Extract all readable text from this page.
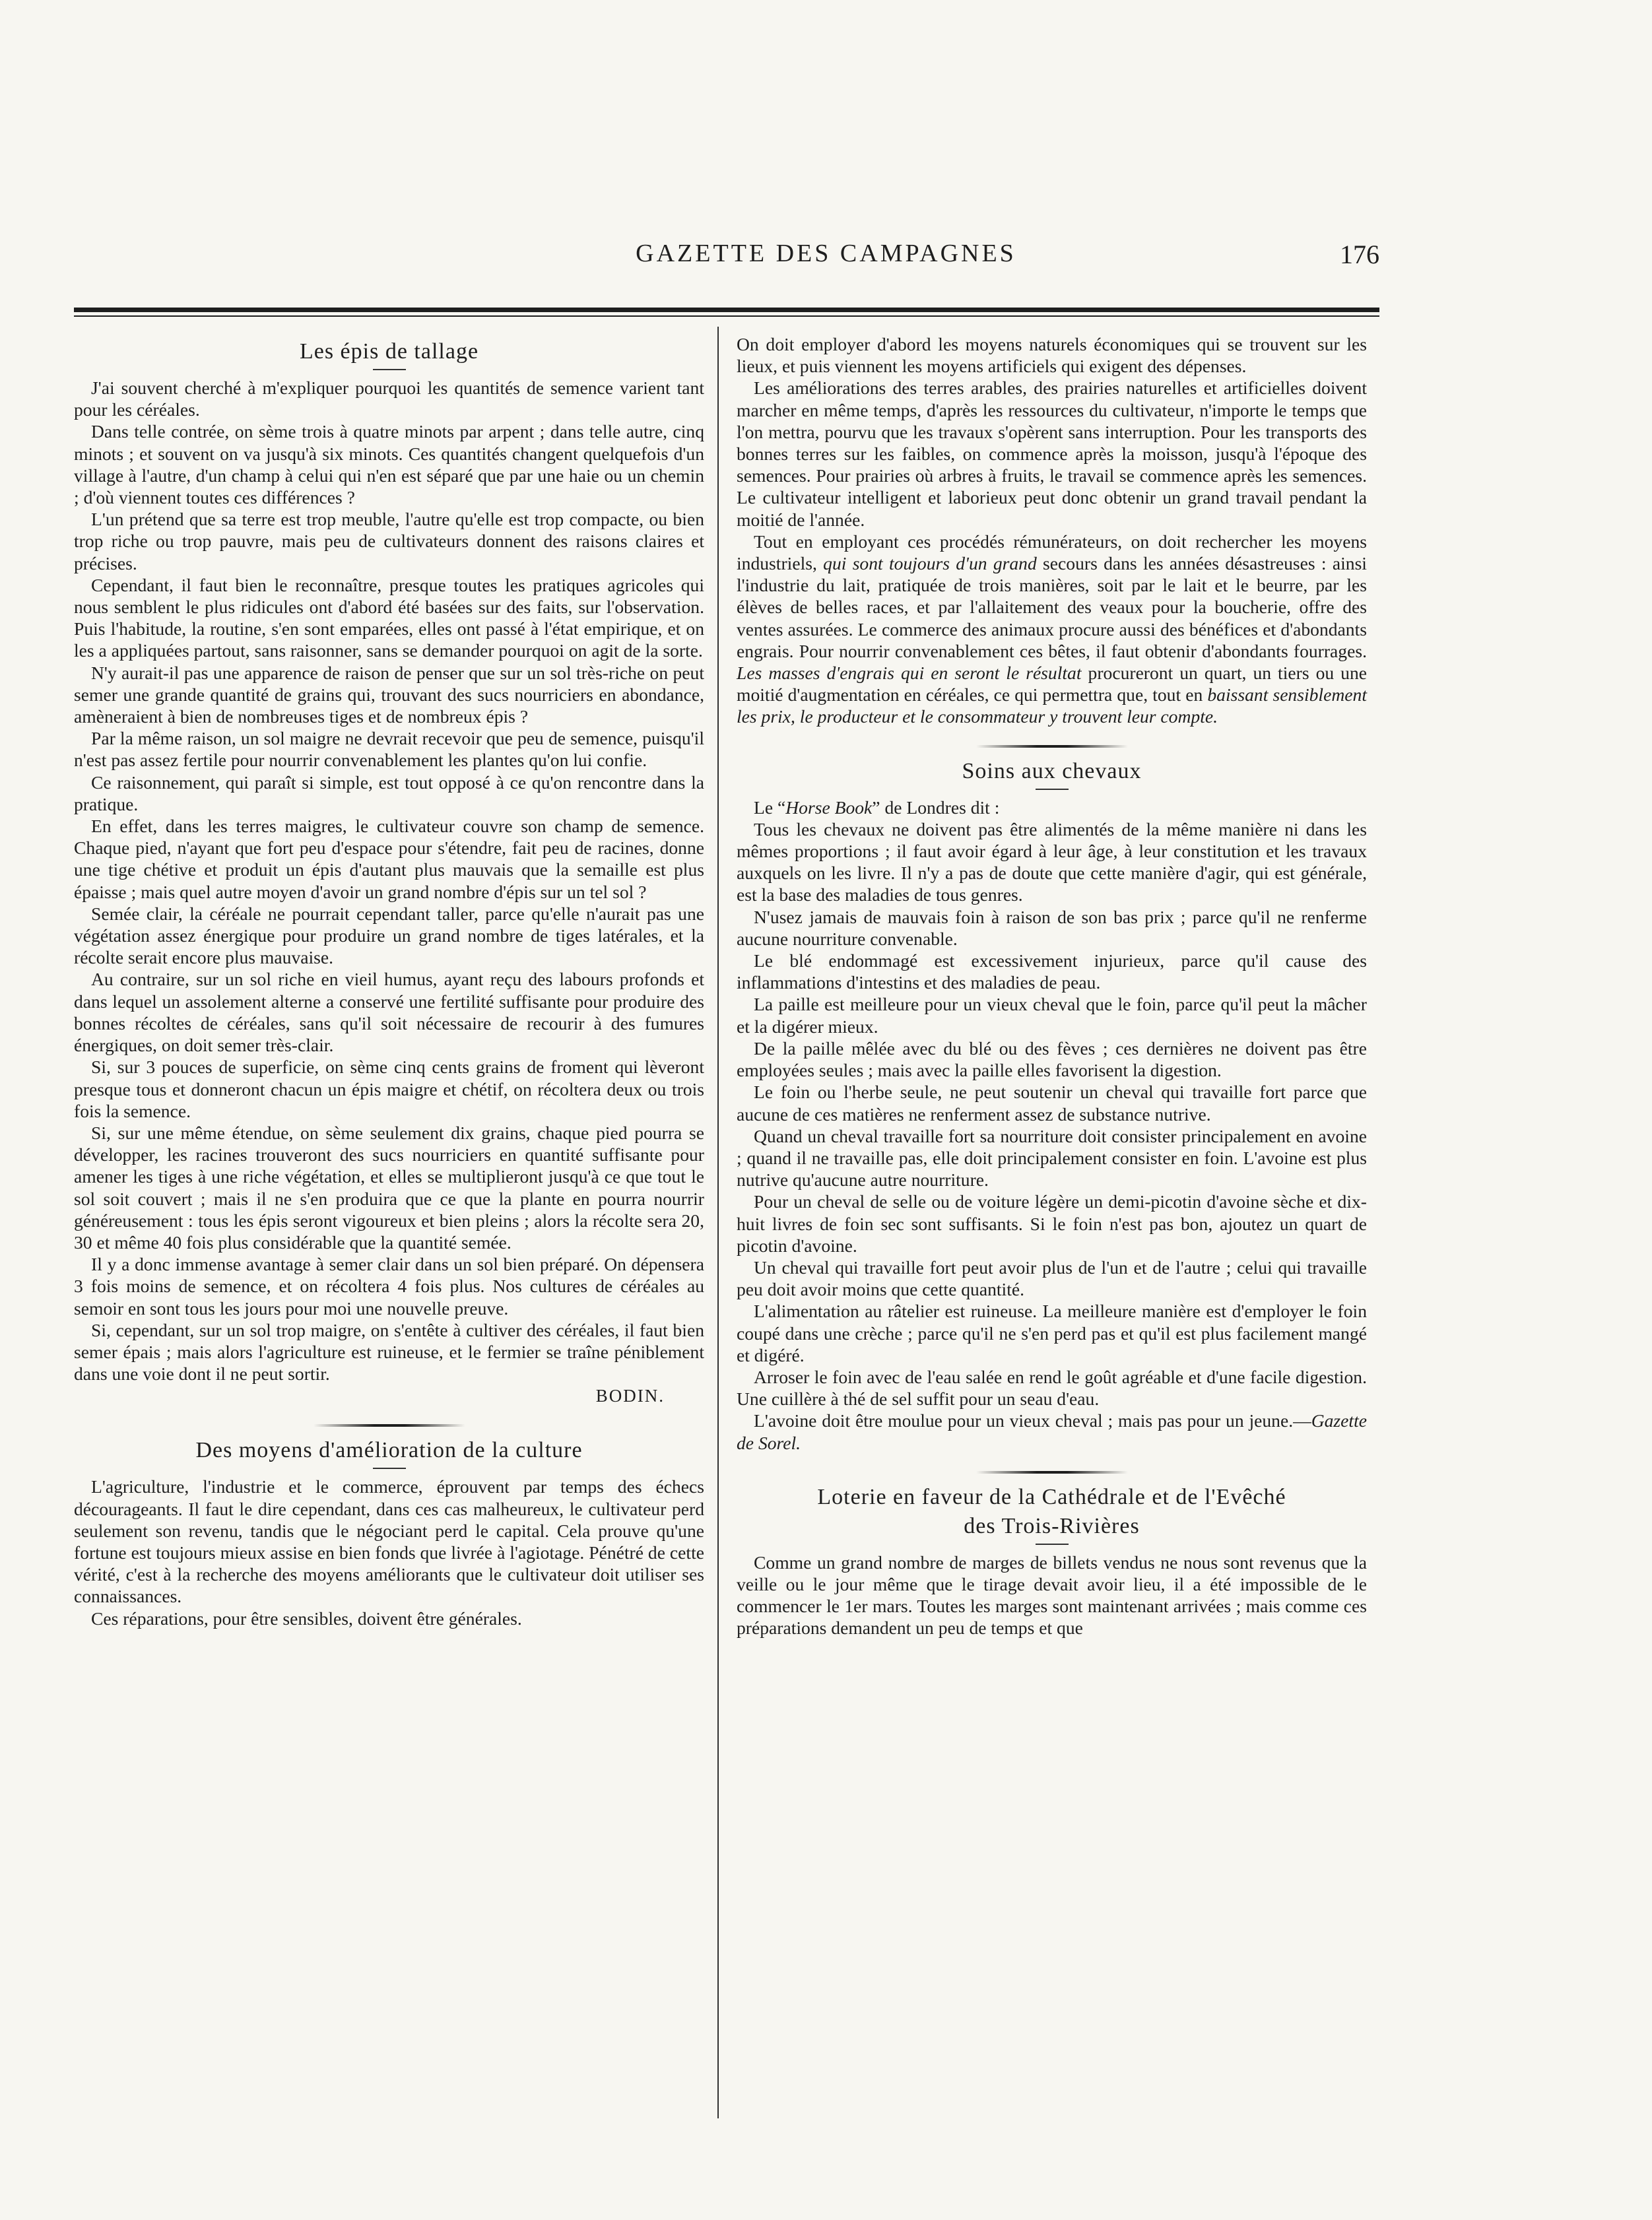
GAZETTE DES CAMPAGNES	176
Les épis de tallage

J'ai souvent cherché à m'expliquer pourquoi les quantités de semence varient tant pour les céréales.

Dans telle contrée, on sème trois à quatre minots par arpent ; dans telle autre, cinq minots ; et souvent on va jusqu'à six minots. Ces quantités changent quelquefois d'un village à l'autre, d'un champ à celui qui n'en est séparé que par une haie ou un chemin ; d'où viennent toutes ces différences ?

L'un prétend que sa terre est trop meuble, l'autre qu'elle est trop compacte, ou bien trop riche ou trop pauvre, mais peu de cultivateurs donnent des raisons claires et précises.

Cependant, il faut bien le reconnaître, presque toutes les pratiques agricoles qui nous semblent le plus ridicules ont d'abord été basées sur des faits, sur l'observation. Puis l'habitude, la routine, s'en sont emparées, elles ont passé à l'état empirique, et on les a appliquées partout, sans raisonner, sans se demander pourquoi on agit de la sorte.

N'y aurait-il pas une apparence de raison de penser que sur un sol très-riche on peut semer une grande quantité de grains qui, trouvant des sucs nourriciers en abondance, amèneraient à bien de nombreuses tiges et de nombreux épis ?

Par la même raison, un sol maigre ne devrait recevoir que peu de semence, puisqu'il n'est pas assez fertile pour nourrir convenablement les plantes qu'on lui confie.

Ce raisonnement, qui paraît si simple, est tout opposé à ce qu'on rencontre dans la pratique.

En effet, dans les terres maigres, le cultivateur couvre son champ de semence. Chaque pied, n'ayant que fort peu d'espace pour s'étendre, fait peu de racines, donne une tige chétive et produit un épis d'autant plus mauvais que la semaille est plus épaisse ; mais quel autre moyen d'avoir un grand nombre d'épis sur un tel sol ?

Semée clair, la céréale ne pourrait cependant taller, parce qu'elle n'aurait pas une végétation assez énergique pour produire un grand nombre de tiges latérales, et la récolte serait encore plus mauvaise.

Au contraire, sur un sol riche en vieil humus, ayant reçu des labours profonds et dans lequel un assolement alterne a conservé une fertilité suffisante pour produire des bonnes récoltes de céréales, sans qu'il soit nécessaire de recourir à des fumures énergiques, on doit semer très-clair.

Si, sur 3 pouces de superficie, on sème cinq cents grains de froment qui lèveront presque tous et donneront chacun un épis maigre et chétif, on récoltera deux ou trois fois la semence.

Si, sur une même étendue, on sème seulement dix grains, chaque pied pourra se développer, les racines trouveront des sucs nourriciers en quantité suffisante pour amener les tiges à une riche végétation, et elles se multiplieront jusqu'à ce que tout le sol soit couvert ; mais il ne s'en produira que ce que la plante en pourra nourrir généreusement : tous les épis seront vigoureux et bien pleins ; alors la récolte sera 20, 30 et même 40 fois plus considérable que la quantité semée.

Il y a donc immense avantage à semer clair dans un sol bien préparé. On dépensera 3 fois moins de semence, et on récoltera 4 fois plus. Nos cultures de céréales au semoir en sont tous les jours pour moi une nouvelle preuve.

Si, cependant, sur un sol trop maigre, on s'entête à cultiver des céréales, il faut bien semer épais ; mais alors l'agriculture est ruineuse, et le fermier se traîne péniblement dans une voie dont il ne peut sortir.

BODIN.
Des moyens d'amélioration de la culture

L'agriculture, l'industrie et le commerce, éprouvent par temps des échecs décourageants. Il faut le dire cependant, dans ces cas malheureux, le cultivateur perd seulement son revenu, tandis que le négociant perd le capital. Cela prouve qu'une fortune est toujours mieux assise en bien fonds que livrée à l'agiotage. Pénétré de cette vérité, c'est à la recherche des moyens améliorants que le cultivateur doit utiliser ses connaissances.

Ces réparations, pour être sensibles, doivent être générales.

On doit employer d'abord les moyens naturels économiques qui se trouvent sur les lieux, et puis viennent les moyens artificiels qui exigent des dépenses.

Les améliorations des terres arables, des prairies naturelles et artificielles doivent marcher en même temps, d'après les ressources du cultivateur, n'importe le temps que l'on mettra, pourvu que les travaux s'opèrent sans interruption. Pour les transports des bonnes terres sur les faibles, on commence après la moisson, jusqu'à l'époque des semences. Pour prairies où arbres à fruits, le travail se commence après les semences. Le cultivateur intelligent et laborieux peut donc obtenir un grand travail pendant la moitié de l'année.

Tout en employant ces procédés rémunérateurs, on doit rechercher les moyens industriels, qui sont toujours d'un grand secours dans les années désastreuses : ainsi l'industrie du lait, pratiquée de trois manières, soit par le lait et le beurre, par les élèves de belles races, et par l'allaitement des veaux pour la boucherie, offre des ventes assurées. Le commerce des animaux procure aussi des bénéfices et d'abondants engrais. Pour nourrir convenablement ces bêtes, il faut obtenir d'abondants fourrages. Les masses d'engrais qui en seront le résultat procureront un quart, un tiers ou une moitié d'augmentation en céréales, ce qui permettra que, tout en baissant sensiblement les prix, le producteur et le consommateur y trouvent leur compte.

Soins aux chevaux

Le “Horse Book” de Londres dit :

Tous les chevaux ne doivent pas être alimentés de la même manière ni dans les mêmes proportions ; il faut avoir égard à leur âge, à leur constitution et les travaux auxquels on les livre. Il n'y a pas de doute que cette manière d'agir, qui est générale, est la base des maladies de tous genres.

N'usez jamais de mauvais foin à raison de son bas prix ; parce qu'il ne renferme aucune nourriture convenable.

Le blé endommagé est excessivement injurieux, parce qu'il cause des inflammations d'intestins et des maladies de peau.

La paille est meilleure pour un vieux cheval que le foin, parce qu'il peut la mâcher et la digérer mieux.

De la paille mêlée avec du blé ou des fèves ; ces dernières ne doivent pas être employées seules ; mais avec la paille elles favorisent la digestion.

Le foin ou l'herbe seule, ne peut soutenir un cheval qui travaille fort parce que aucune de ces matières ne renferment assez de substance nutrive.

Quand un cheval travaille fort sa nourriture doit consister principalement en avoine ; quand il ne travaille pas, elle doit principalement consister en foin. L'avoine est plus nutrive qu'aucune autre nourriture.

Pour un cheval de selle ou de voiture légère un demi-picotin d'avoine sèche et dix-huit livres de foin sec sont suffisants. Si le foin n'est pas bon, ajoutez un quart de picotin d'avoine.

Un cheval qui travaille fort peut avoir plus de l'un et de l'autre ; celui qui travaille peu doit avoir moins que cette quantité.

L'alimentation au râtelier est ruineuse. La meilleure manière est d'employer le foin coupé dans une crèche ; parce qu'il ne s'en perd pas et qu'il est plus facilement mangé et digéré.

Arroser le foin avec de l'eau salée en rend le goût agréable et d'une facile digestion. Une cuillère à thé de sel suffit pour un seau d'eau.

L'avoine doit être moulue pour un vieux cheval ; mais pas pour un jeune.—Gazette de Sorel.

Loterie en faveur de la Cathédrale et de l'Evêché
des Trois-Rivières

Comme un grand nombre de marges de billets vendus ne nous sont revenus que la veille ou le jour même que le tirage devait avoir lieu, il a été impossible de le commencer le 1er mars. Toutes les marges sont maintenant arrivées ; mais comme ces préparations demandent un peu de temps et que
